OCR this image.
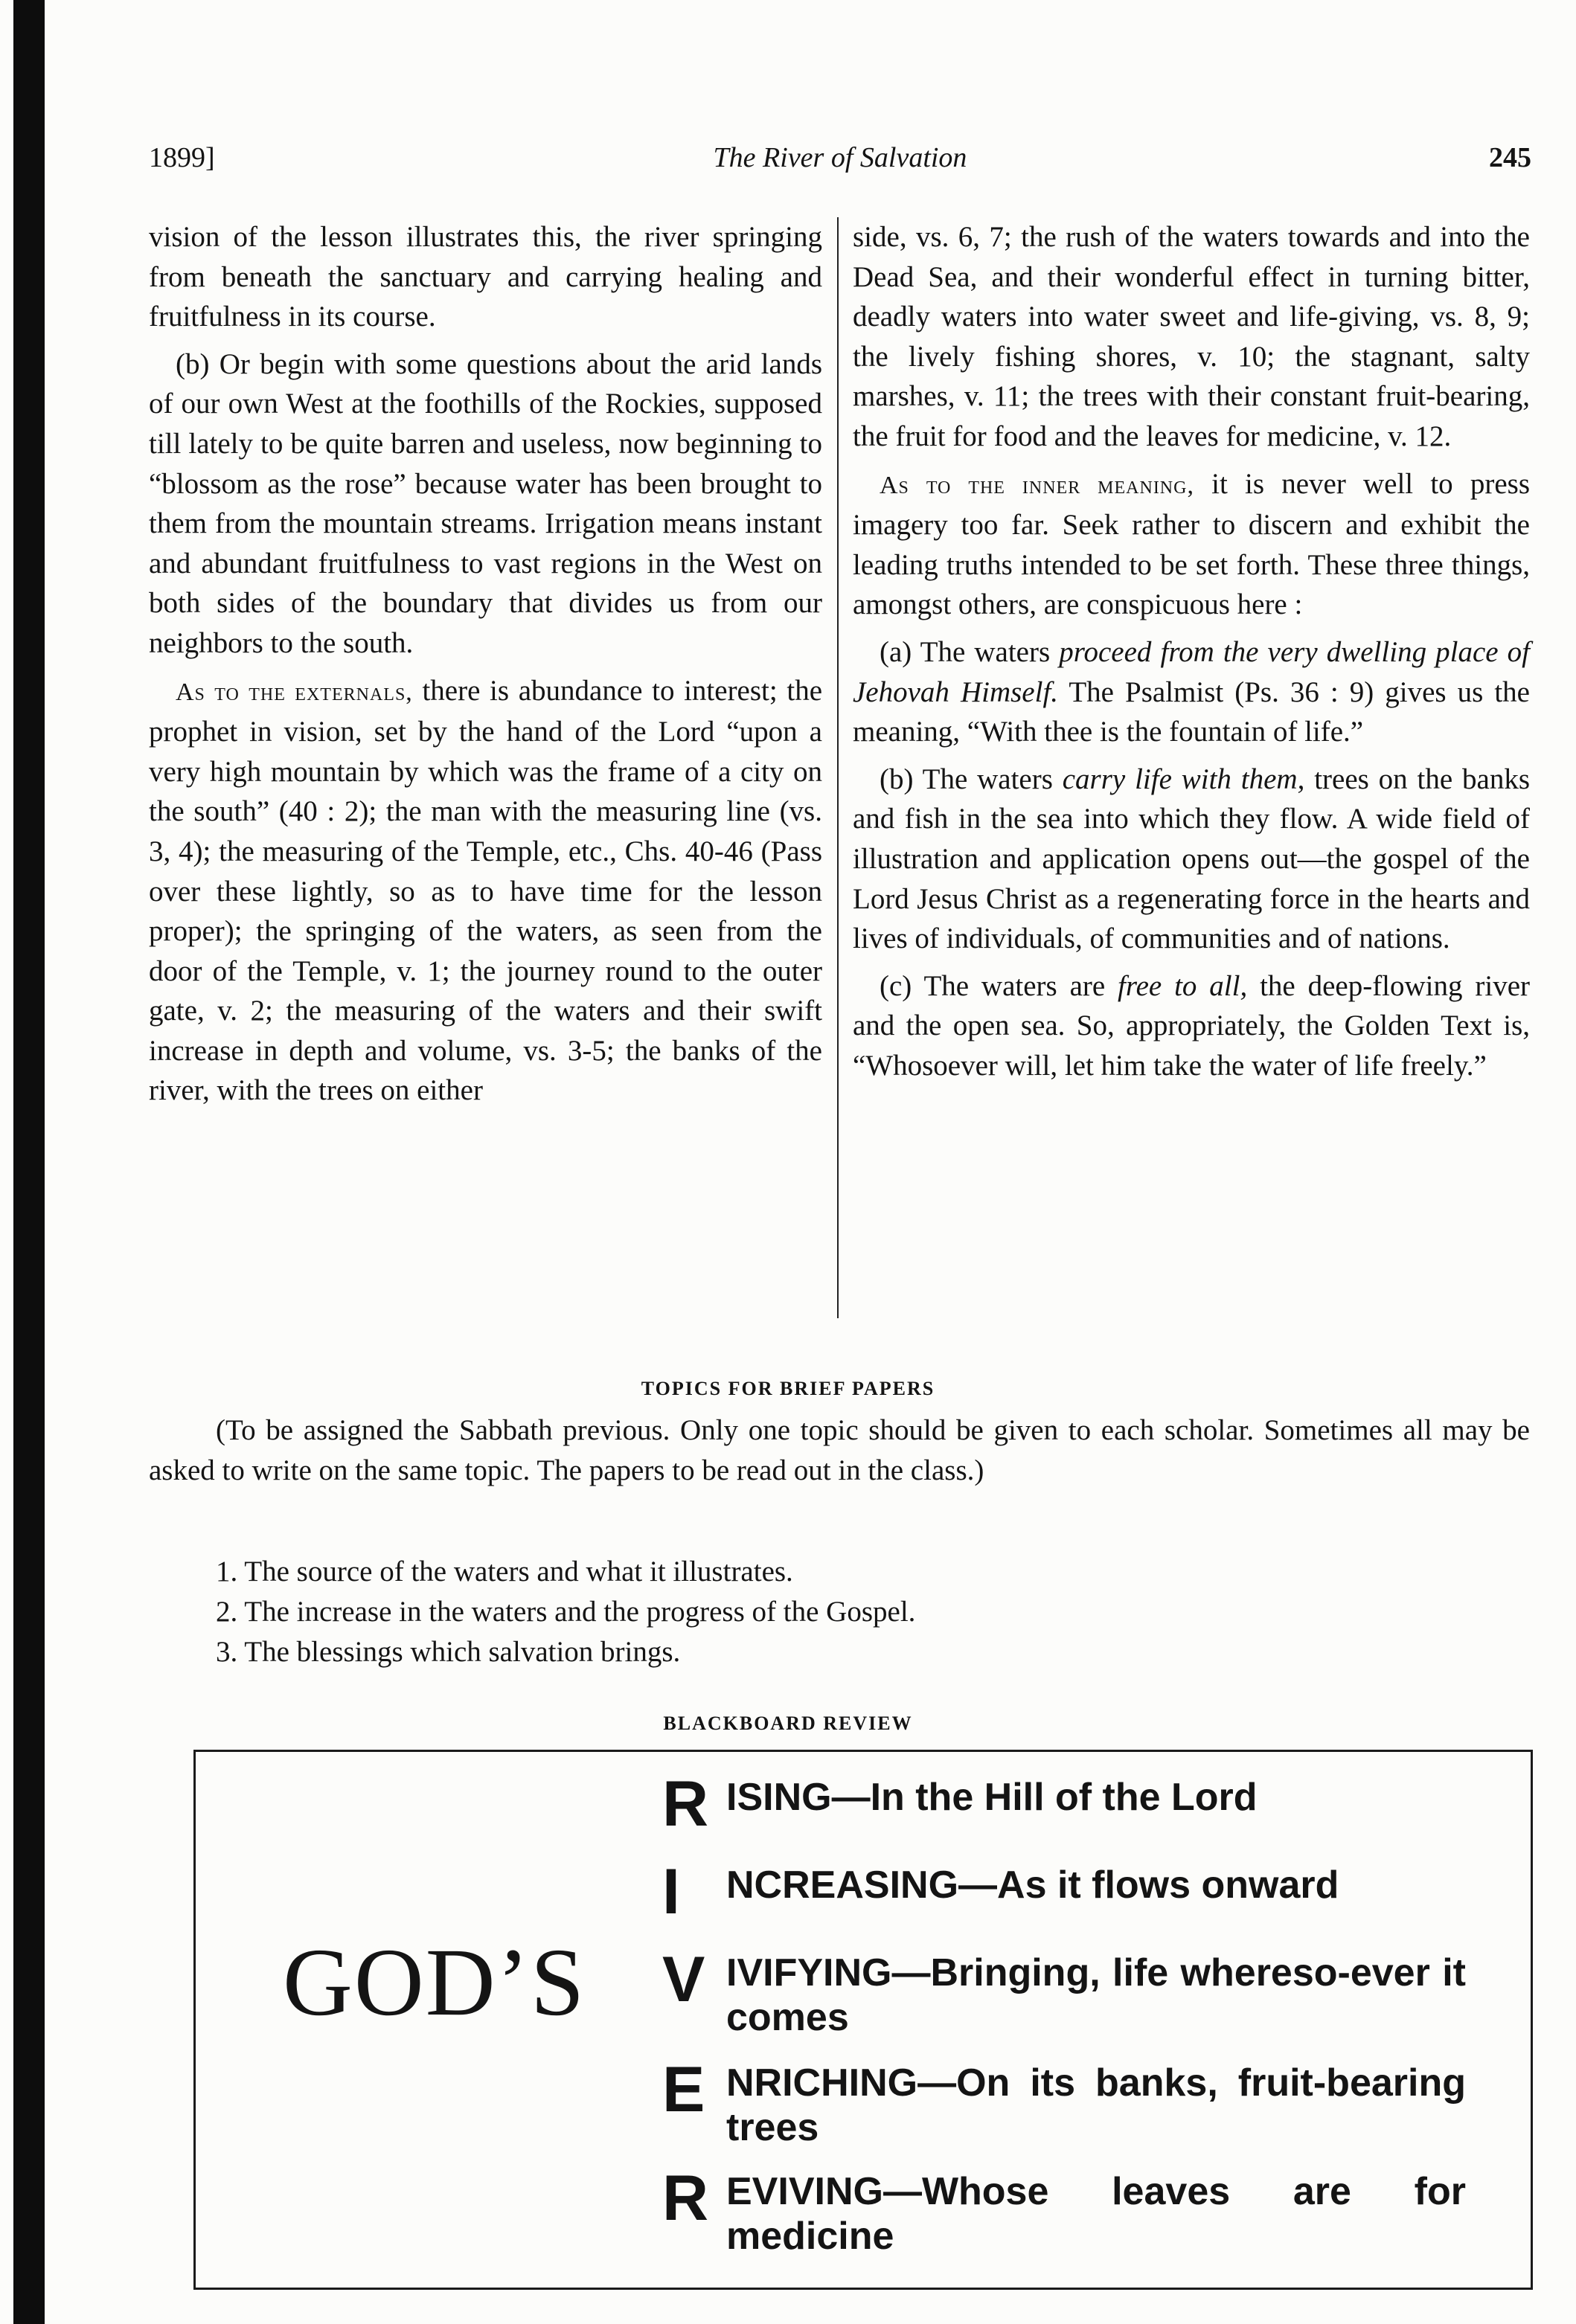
1899]	The River of Salvation	245

vision of the lesson illustrates this, the river springing from beneath the sanctuary and carrying healing and fruitfulness in its course.

(b) Or begin with some questions about the arid lands of our own West at the foothills of the Rockies, supposed till lately to be quite barren and useless, now beginning to “blossom as the rose” because water has been brought to them from the mountain streams. Irrigation means instant and abundant fruitfulness to vast regions in the West on both sides of the boundary that divides us from our neighbors to the south.

As to the externals, there is abundance to interest; the prophet in vision, set by the hand of the Lord “upon a very high mountain by which was the frame of a city on the south” (40 : 2); the man with the measuring line (vs. 3, 4); the measuring of the Temple, etc., Chs. 40-46 (Pass over these lightly, so as to have time for the lesson proper); the springing of the waters, as seen from the door of the Temple, v. 1; the journey round to the outer gate, v. 2; the measuring of the waters and their swift increase in depth and volume, vs. 3-5; the banks of the river, with the trees on either

side, vs. 6, 7; the rush of the waters towards and into the Dead Sea, and their wonderful effect in turning bitter, deadly waters into water sweet and life-giving, vs. 8, 9; the lively fishing shores, v. 10; the stagnant, salty marshes, v. 11; the trees with their constant fruit-bearing, the fruit for food and the leaves for medicine, v. 12.

As to the inner meaning, it is never well to press imagery too far. Seek rather to discern and exhibit the leading truths intended to be set forth. These three things, amongst others, are conspicuous here :

(a) The waters proceed from the very dwelling place of Jehovah Himself. The Psalmist (Ps. 36 : 9) gives us the meaning, “With thee is the fountain of life.”

(b) The waters carry life with them, trees on the banks and fish in the sea into which they flow. A wide field of illustration and application opens out—the gospel of the Lord Jesus Christ as a regenerating force in the hearts and lives of individuals, of communities and of nations.

(c) The waters are free to all, the deep-flowing river and the open sea. So, appropriately, the Golden Text is, “Whosoever will, let him take the water of life freely.”

TOPICS FOR BRIEF PAPERS
(To be assigned the Sabbath previous. Only one topic should be given to each scholar. Sometimes all may be asked to write on the same topic. The papers to be read out in the class.)
1. The source of the waters and what it illustrates.
2. The increase in the waters and the progress of the Gospel.
3. The blessings which salvation brings.
BLACKBOARD REVIEW
GOD’S
R ISING—In the Hill of the Lord
I NCREASING—As it flows onward
V IVIFYING—Bringing, life whereso-ever it comes
E NRICHING—On its banks, fruit-bearing trees
R EVIVING—Whose leaves are for medicine
